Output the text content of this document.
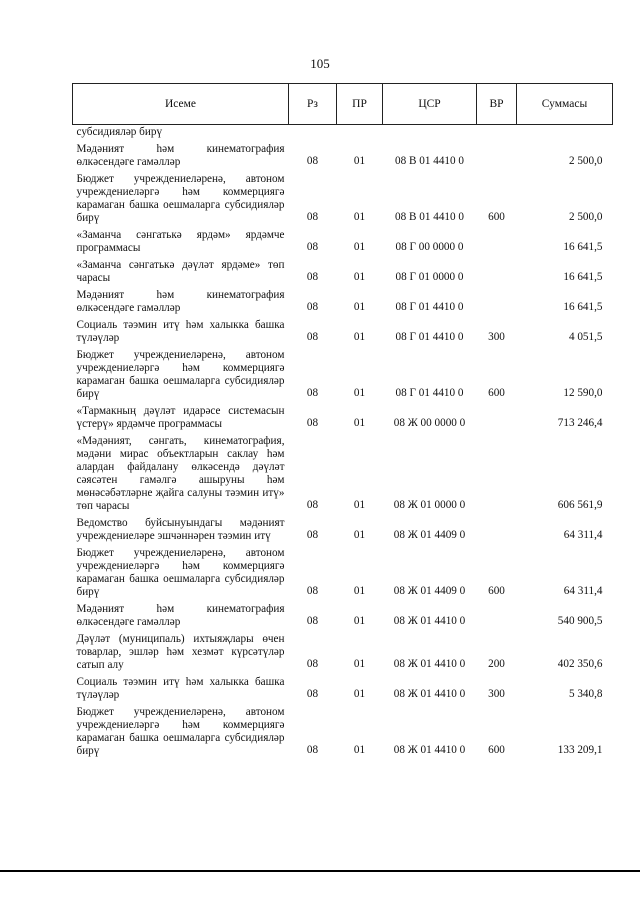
105
Исеме	Рз	ПР	ЦСР	ВР	Суммасы
субсидияләр бирү					
Мәдәният һәм кинематография өлкәсендәге гамәлләр	08	01	08 В 01 4410 0		2 500,0
Бюджет учреждениеләренә, автоном учреждениеләргә һәм коммерциягә карамаган башка оешмаларга субсидияләр бирү	08	01	08 В 01 4410 0	600	2 500,0
«Заманча сәнгатькә ярдәм» ярдәмче программасы	08	01	08 Г 00 0000 0		16 641,5
«Заманча сәнгатькә дәүләт ярдәме» төп чарасы	08	01	08 Г 01 0000 0		16 641,5
Мәдәният һәм кинематография өлкәсендәге гамәлләр	08	01	08 Г 01 4410 0		16 641,5
Социаль тәэмин итү һәм халыкка башка түләүләр	08	01	08 Г 01 4410 0	300	4 051,5
Бюджет учреждениеләренә, автоном учреждениеләргә һәм коммерциягә карамаган башка оешмаларга субсидияләр бирү	08	01	08 Г 01 4410 0	600	12 590,0
«Тармакның дәүләт идарәсе системасын үстерү» ярдәмче программасы	08	01	08 Ж 00 0000 0		713 246,4
«Мәдәният, сәнгать, кинематография, мәдәни мирас объектларын саклау һәм алардан файдалану өлкәсендә дәүләт сәясәтен гамәлгә ашыруны һәм мөнәсәбәтләрне җайга салуны тәэмин итү» төп чарасы	08	01	08 Ж 01 0000 0		606 561,9
Ведомство буйсынуындагы мәдәният учреждениеләре эшчәннәрен тәэмин итү	08	01	08 Ж 01 4409 0		64 311,4
Бюджет учреждениеләренә, автоном учреждениеләргә һәм коммерциягә карамаган башка оешмаларга субсидияләр бирү	08	01	08 Ж 01 4409 0	600	64 311,4
Мәдәният һәм кинематография өлкәсендәге гамәлләр	08	01	08 Ж 01 4410 0		540 900,5
Дәүләт (муниципаль) ихтыяҗлары өчен товарлар, эшләр һәм хезмәт күрсәтүләр сатып алу	08	01	08 Ж 01 4410 0	200	402 350,6
Социаль тәэмин итү һәм халыкка башка түләүләр	08	01	08 Ж 01 4410 0	300	5 340,8
Бюджет учреждениеләренә, автоном учреждениеләргә һәм коммерциягә карамаган башка оешмаларга субсидияләр бирү	08	01	08 Ж 01 4410 0	600	133 209,1
